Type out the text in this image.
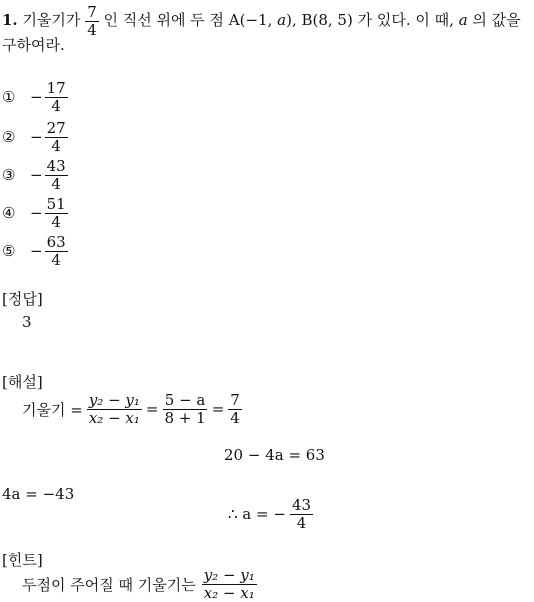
1. 기울기가 $\frac{7}{4}$ 인 직선 위에 두 점 A(−1, a), B(8, 5) 가 있다. 이 때, a 의 값을
구하여라.
① − $\frac{17}{4}$
② − $\frac{27}{4}$
③ − $\frac{43}{4}$
④ − $\frac{51}{4}$
⑤ − $\frac{63}{4}$
[정답]
3
[해설]
기울기 = $\frac{\text{y₂ − y₁}}{\text{x₂ − x₁}} = \frac{5 - a}{8 + 1} = \frac{7}{4}$
20 − 4a = 63
4a = −43
∴ a = − $\frac{43}{4}$
[힌트]
두점이 주어질 때 기울기는 $\frac{\text{y₂ − y₁}}{\text{x₂ − x₁}}$
